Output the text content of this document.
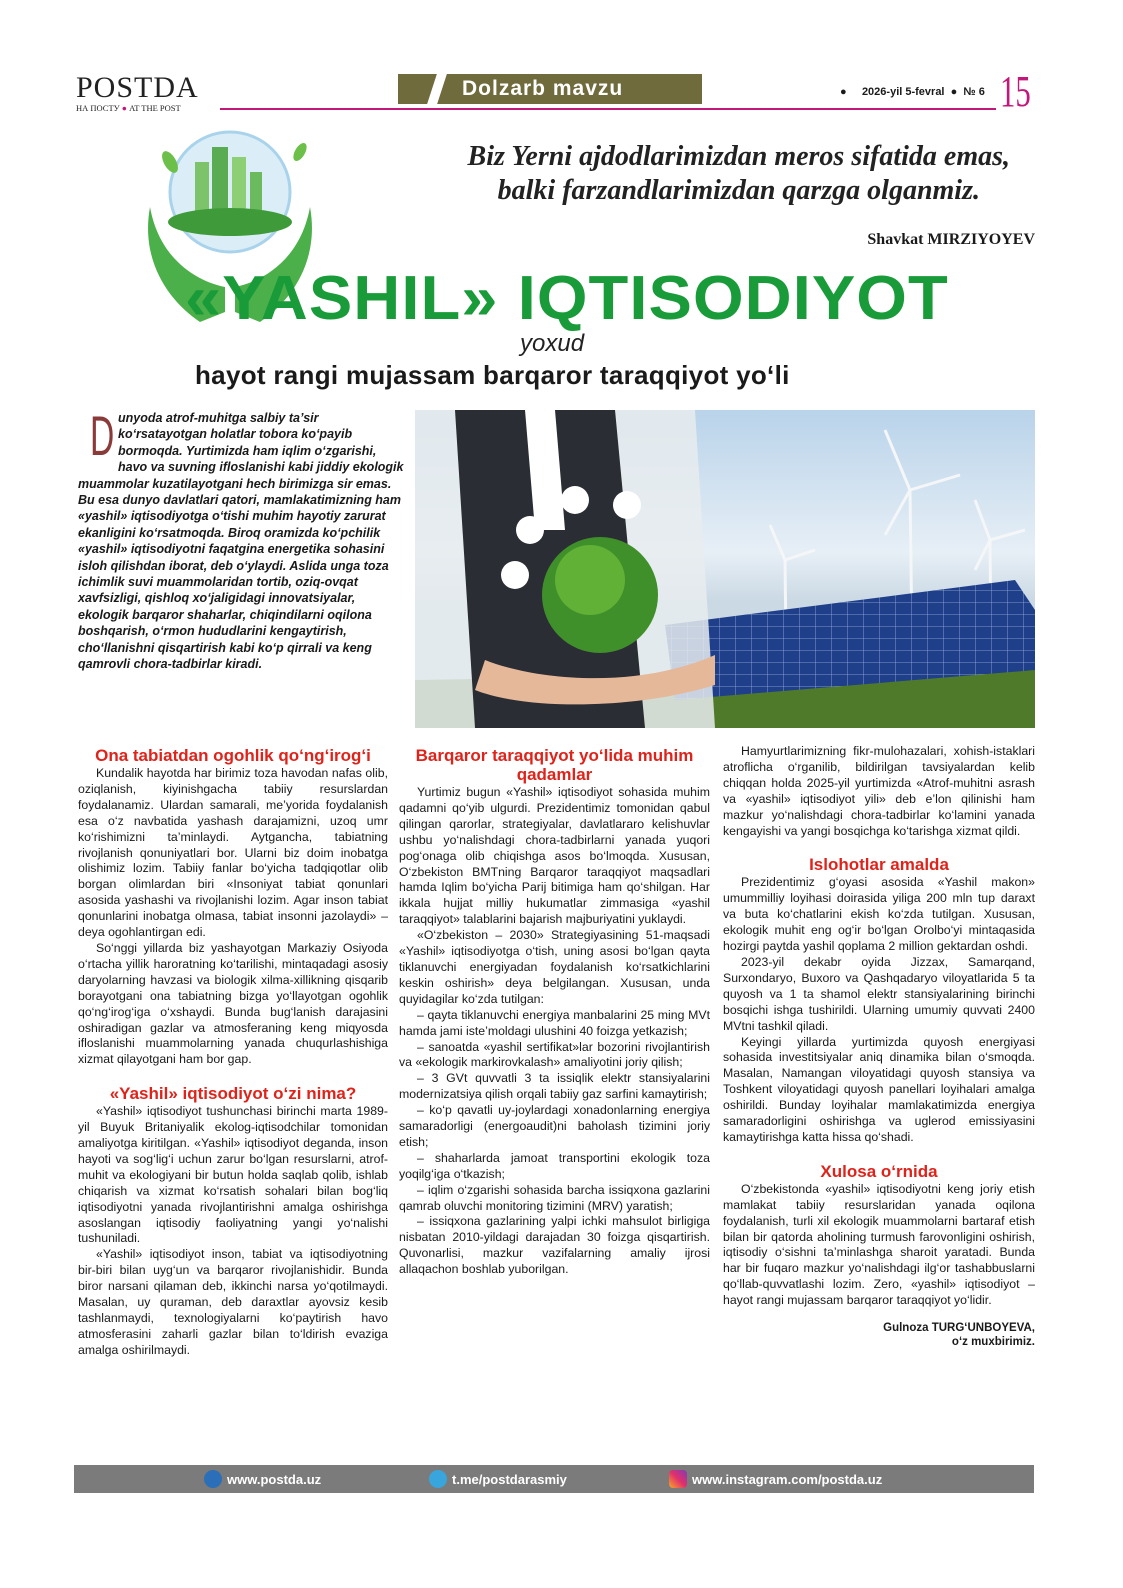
POSTDA
НА ПОСТУ ● AT THE POST
Dolzarb mavzu	●     2026-yil 5-fevral  ●  № 6 15
Biz Yerni ajdodlarimizdan meros sifatida emas,
balki farzandlarimizdan qarzga olganmiz.
Shavkat MIRZIYOYEV
«YASHIL» IQTISODIYOT
yoxud
hayot rangi mujassam barqaror taraqqiyot yo‘li
Dunyoda atrof-muhitga salbiy ta’sir ko‘rsatayotgan holatlar tobora ko‘payib bormoqda. Yurtimizda ham iqlim o‘zgarishi, havo va suvning ifloslanishi kabi jiddiy ekologik muammolar kuzatilayotgani hech birimizga sir emas. Bu esa dunyo davlatlari qatori, mamlakatimizning ham «yashil» iqtisodiyotga o‘tishi muhim hayotiy zarurat ekanligini ko‘rsatmoqda. Biroq oramizda ko‘pchilik «yashil» iqtisodiyotni faqatgina energetika sohasini isloh qilishdan iborat, deb o‘ylaydi. Aslida unga toza ichimlik suvi muammolaridan tortib, oziq-ovqat xavfsizligi, qishloq xo‘jaligidagi innovatsiyalar, ekologik barqaror shaharlar, chiqindilarni oqilona boshqarish, o‘rmon hududlarini kengaytirish, cho‘llanishni qisqartirish kabi ko‘p qirrali va keng qamrovli chora-tadbirlar kiradi.
Ona tabiatdan ogohlik qo‘ng‘irog‘i

Kundalik hayotda har birimiz toza havodan nafas olib, oziqlanish, kiyinishgacha tabiiy resurslardan foydalanamiz. Ulardan samarali, me’yorida foydalanish esa o‘z navbatida yashash darajamizni, uzoq umr ko‘rishimizni ta’minlaydi. Aytgancha, tabiatning rivojlanish qonuniyatlari bor. Ularni biz doim inobatga olishimiz lozim. Tabiiy fanlar bo‘yicha tadqiqotlar olib borgan olimlardan biri «Insoniyat tabiat qonunlari asosida yashashi va rivojlanishi lozim. Agar inson tabiat qonunlarini inobatga olmasa, tabiat insonni jazolaydi» – deya ogohlantirgan edi.

So‘nggi yillarda biz yashayotgan Markaziy Osiyoda o‘rtacha yillik haroratning ko‘tarilishi, mintaqadagi asosiy daryolarning havzasi va biologik xilma-xillikning qisqarib borayotgani ona tabiatning bizga yo‘llayotgan ogohlik qo‘ng‘irog‘iga o‘xshaydi. Bunda bug‘lanish darajasini oshiradigan gazlar va atmosferaning keng miqyosda ifloslanishi muammolarning yanada chuqurlashishiga xizmat qilayotgani ham bor gap.

«Yashil» iqtisodiyot o‘zi nima?

«Yashil» iqtisodiyot tushunchasi birinchi marta 1989-yil Buyuk Britaniyalik ekolog-iqtisodchilar tomonidan amaliyotga kiritilgan. «Yashil» iqtisodiyot deganda, inson hayoti va sog‘lig‘i uchun zarur bo‘lgan resurslarni, atrof-muhit va ekologiyani bir butun holda saqlab qolib, ishlab chiqarish va xizmat ko‘rsatish sohalari bilan bog‘liq iqtisodiyotni yanada rivojlantirishni amalga oshirishga asoslangan iqtisodiy faoliyatning yangi yo‘nalishi tushuniladi.

«Yashil» iqtisodiyot inson, tabiat va iqtisodiyotning bir-biri bilan uyg‘un va barqaror rivojlanishidir. Bunda biror narsani qilaman deb, ikkinchi narsa yo‘qotilmaydi. Masalan, uy quraman, deb daraxtlar ayovsiz kesib tashlanmaydi, texnologiyalarni ko‘paytirish havo atmosferasini zaharli gazlar bilan to‘ldirish evaziga amalga oshirilmaydi.

Barqaror taraqqiyot yo‘lida muhim qadamlar

Yurtimiz bugun «Yashil» iqtisodiyot sohasida muhim qadamni qo‘yib ulgurdi. Prezidentimiz tomonidan qabul qilingan qarorlar, strategiyalar, davlatlararo kelishuvlar ushbu yo‘nalishdagi chora-tadbirlarni yanada yuqori pog‘onaga olib chiqishga asos bo‘lmoqda. Xususan, O‘zbekiston BMTning Barqaror taraqqiyot maqsadlari hamda Iqlim bo‘yicha Parij bitimiga ham qo‘shilgan. Har ikkala hujjat milliy hukumatlar zimmasiga «yashil taraqqiyot» talablarini bajarish majburiyatini yuklaydi.

«O‘zbekiston – 2030» Strategiyasining 51-maqsadi «Yashil» iqtisodiyotga o‘tish, uning asosi bo‘lgan qayta tiklanuvchi energiyadan foydalanish ko‘rsatkichlarini keskin oshirish» deya belgilangan. Xususan, unda quyidagilar ko‘zda tutilgan:

– qayta tiklanuvchi energiya manbalarini 25 ming MVt hamda jami iste’moldagi ulushini 40 foizga yetkazish;

– sanoatda «yashil sertifikat»lar bozorini rivojlantirish va «ekologik markirovkalash» amaliyotini joriy qilish;

– 3 GVt quvvatli 3 ta issiqlik elektr stansiyalarini modernizatsiya qilish orqali tabiiy gaz sarfini kamaytirish;

– ko‘p qavatli uy-joylardagi xonadonlarning energiya samaradorligi (energoaudit)ni baholash tizimini joriy etish;

– shaharlarda jamoat transportini ekologik toza yoqilg‘iga o‘tkazish;

– iqlim o‘zgarishi sohasida barcha issiqxona gazlarini qamrab oluvchi monitoring tizimini (MRV) yaratish;

– issiqxona gazlarining yalpi ichki mahsulot birligiga nisbatan 2010-yildagi darajadan 30 foizga qisqartirish. Quvonarlisi, mazkur vazifalarning amaliy ijrosi allaqachon boshlab yuborilgan.

Hamyurtlarimizning fikr-mulohazalari, xohish-istaklari atroflicha o‘rganilib, bildirilgan tavsiyalardan kelib chiqqan holda 2025-yil yurtimizda «Atrof-muhitni asrash va «yashil» iqtisodiyot yili» deb e’lon qilinishi ham mazkur yo‘nalishdagi chora-tadbirlar ko‘lamini yanada kengayishi va yangi bosqichga ko‘tarishga xizmat qildi.

Islohotlar amalda

Prezidentimiz g‘oyasi asosida «Yashil makon» umummilliy loyihasi doirasida yiliga 200 mln tup daraxt va buta ko‘chatlarini ekish ko‘zda tutilgan. Xususan, ekologik muhit eng og‘ir bo‘lgan Orolbo‘yi mintaqasida hozirgi paytda yashil qoplama 2 million gektardan oshdi.

2023-yil dekabr oyida Jizzax, Samarqand, Surxondaryo, Buxoro va Qashqadaryo viloyatlarida 5 ta quyosh va 1 ta shamol elektr stansiyalarining birinchi bosqichi ishga tushirildi. Ularning umumiy quvvati 2400 MVtni tashkil qiladi.

Keyingi yillarda yurtimizda quyosh energiyasi sohasida investitsiyalar aniq dinamika bilan o‘smoqda. Masalan, Namangan viloyatidagi quyosh stansiya va Toshkent viloyatidagi quyosh panellari loyihalari amalga oshirildi. Bunday loyihalar mamlakatimizda energiya samaradorligini oshirishga va uglerod emissiyasini kamaytirishga katta hissa qo‘shadi.

Xulosa o‘rnida

O‘zbekistonda «yashil» iqtisodiyotni keng joriy etish mamlakat tabiiy resurslaridan yanada oqilona foydalanish, turli xil ekologik muammolarni bartaraf etish bilan bir qatorda aholining turmush farovonligini oshirish, iqtisodiy o‘sishni ta’minlashga sharoit yaratadi. Bunda har bir fuqaro mazkur yo‘nalishdagi ilg‘or tashabbuslarni qo‘llab-quvvatlashi lozim. Zero, «yashil» iqtisodiyot – hayot rangi mujassam barqaror taraqqiyot yo‘lidir.

Gulnoza TURG‘UNBOYEVA,
o‘z muxbirimiz.
www.postda.uz	t.me/postdarasmiy	www.instagram.com/postda.uz
